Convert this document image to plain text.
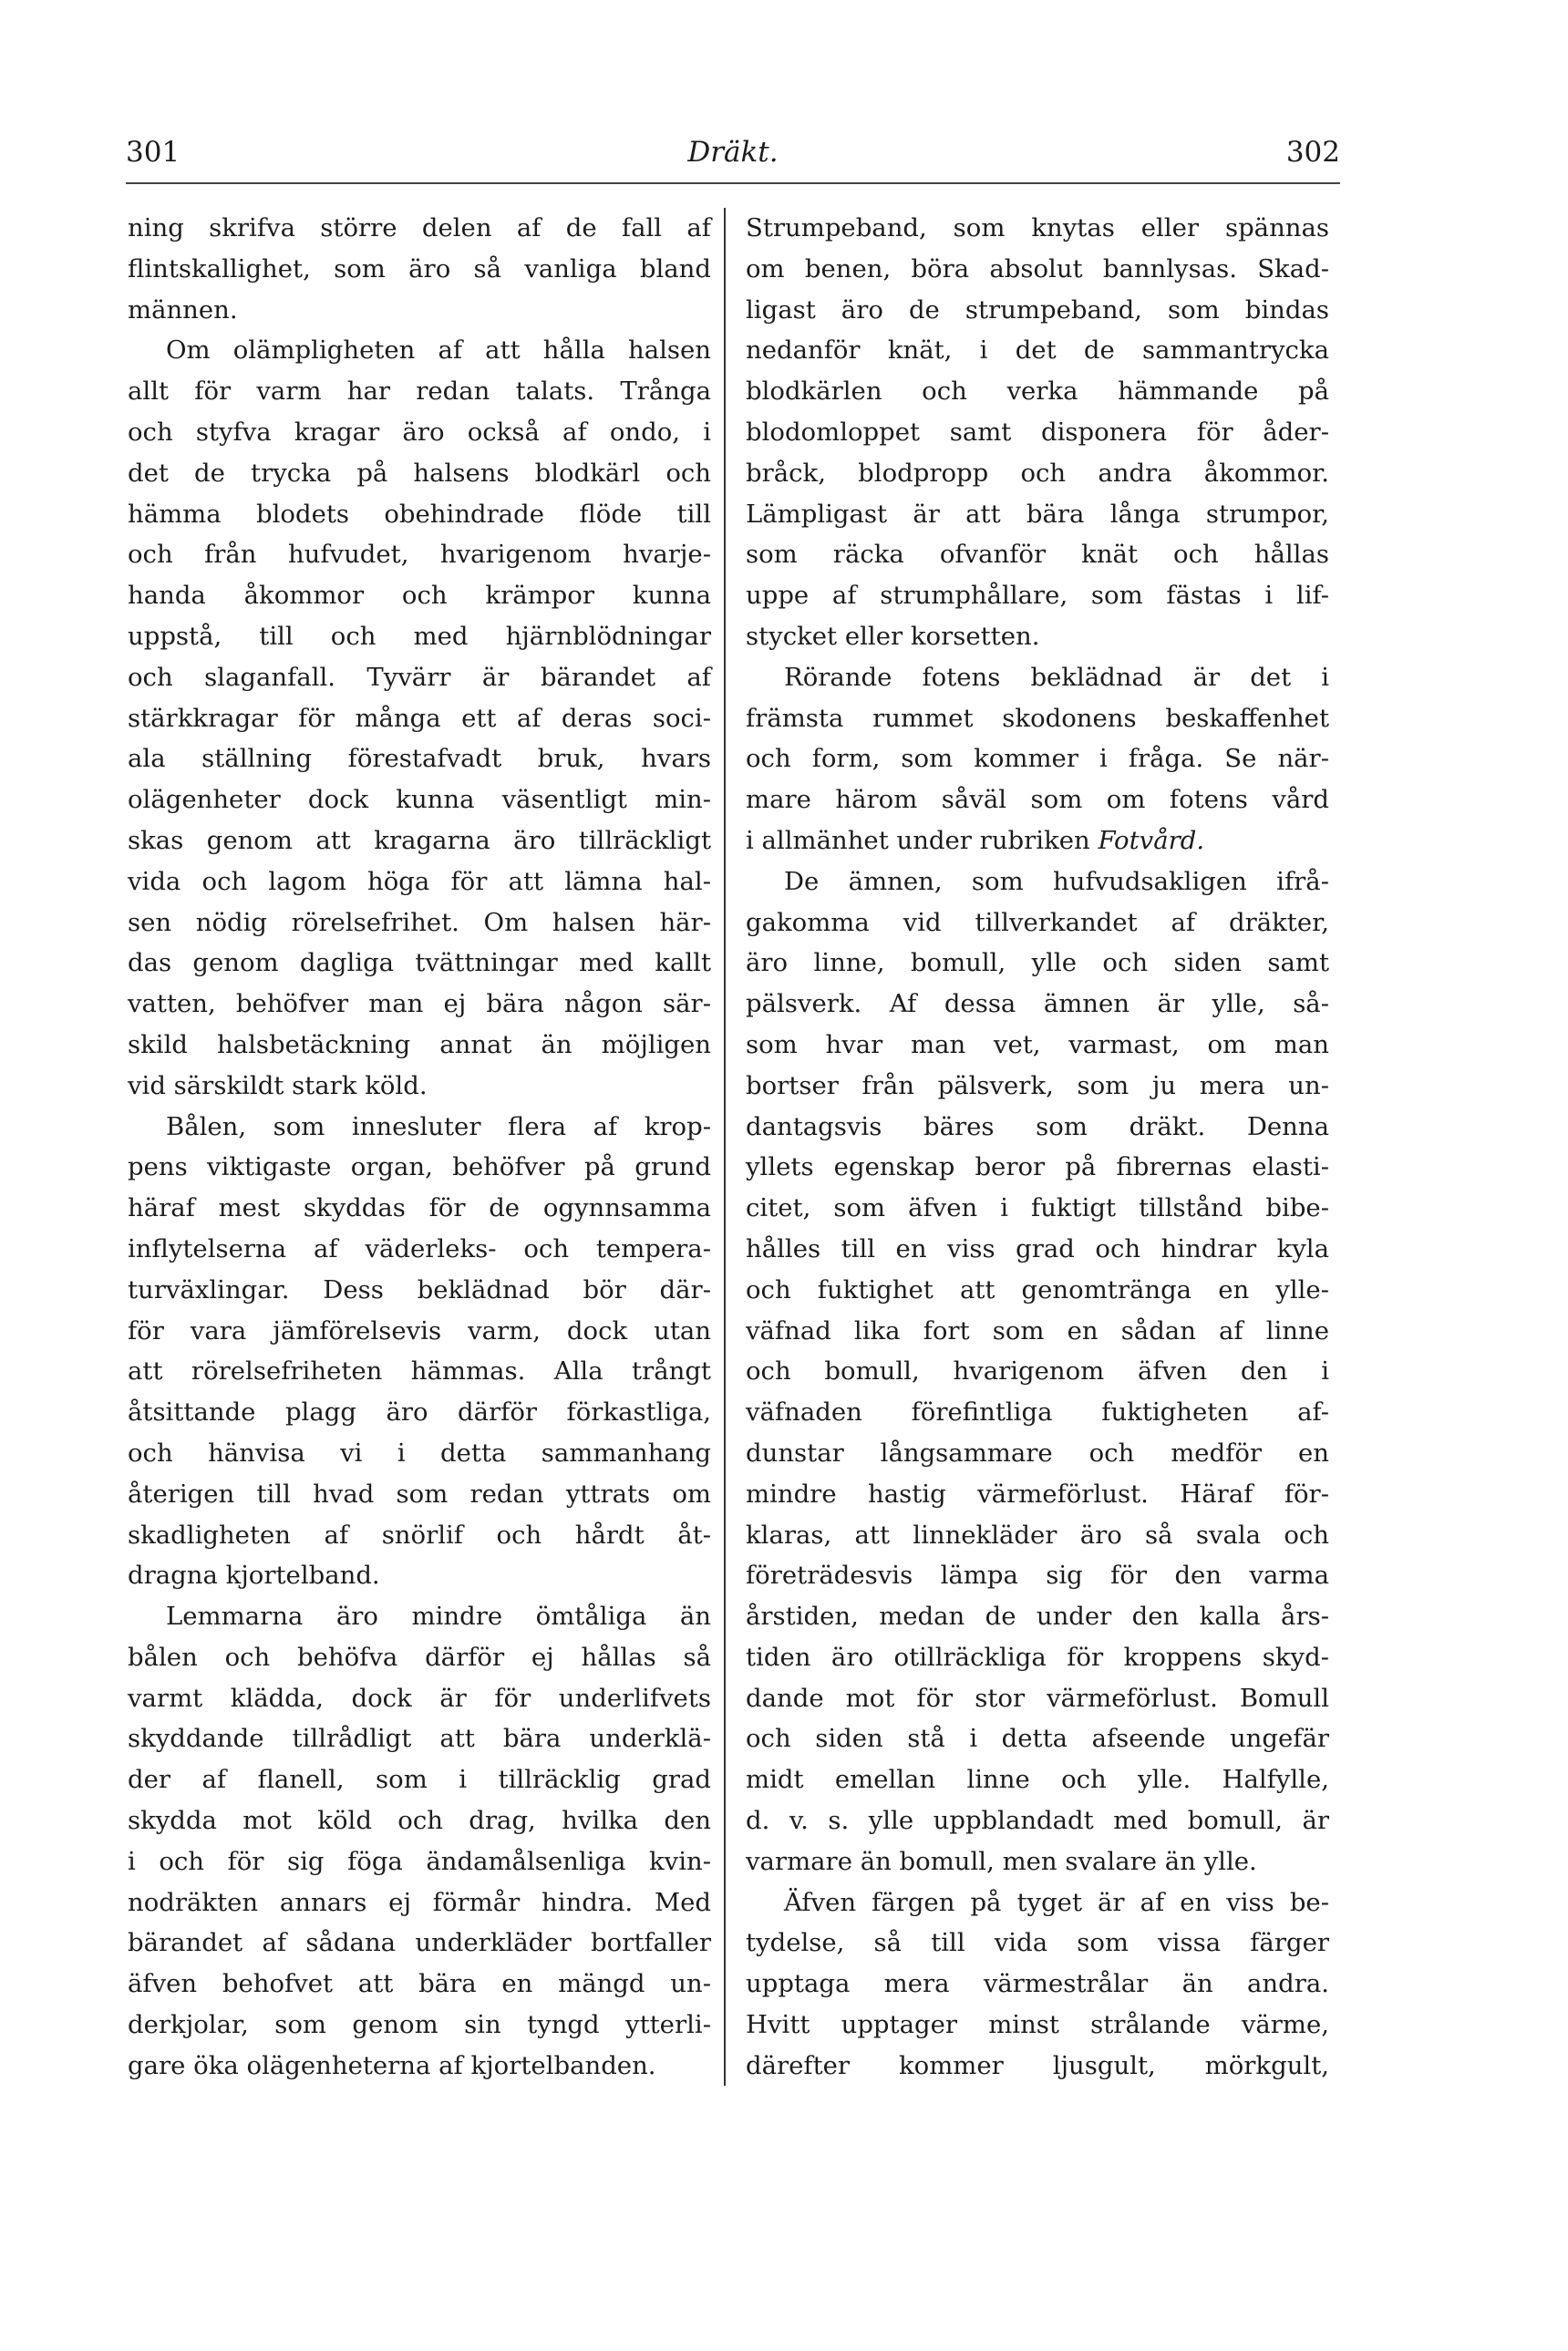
301	Dräkt.	302
ning skrifva större delen af de fall af
flintskallighet, som äro så vanliga bland
männen.
Om olämpligheten af att hålla halsen
allt för varm har redan talats. Trånga
och styfva kragar äro också af ondo, i
det de trycka på halsens blodkärl och
hämma blodets obehindrade flöde till
och från hufvudet, hvarigenom hvarje-
handa åkommor och krämpor kunna
uppstå, till och med hjärnblödningar
och slaganfall. Tyvärr är bärandet af
stärkkragar för många ett af deras soci-
ala ställning förestafvadt bruk, hvars
olägenheter dock kunna väsentligt min-
skas genom att kragarna äro tillräckligt
vida och lagom höga för att lämna hal-
sen nödig rörelsefrihet. Om halsen här-
das genom dagliga tvättningar med kallt
vatten, behöfver man ej bära någon sär-
skild halsbetäckning annat än möjligen
vid särskildt stark köld.
Bålen, som innesluter flera af krop-
pens viktigaste organ, behöfver på grund
häraf mest skyddas för de ogynnsamma
inflytelserna af väderleks- och tempera-
turväxlingar. Dess beklädnad bör där-
för vara jämförelsevis varm, dock utan
att rörelsefriheten hämmas. Alla trångt
åtsittande plagg äro därför förkastliga,
och hänvisa vi i detta sammanhang
återigen till hvad som redan yttrats om
skadligheten af snörlif och hårdt åt-
dragna kjortelband.
Lemmarna äro mindre ömtåliga än
bålen och behöfva därför ej hållas så
varmt klädda, dock är för underlifvets
skyddande tillrådligt att bära underklä-
der af flanell, som i tillräcklig grad
skydda mot köld och drag, hvilka den
i och för sig föga ändamålsenliga kvin-
nodräkten annars ej förmår hindra. Med
bärandet af sådana underkläder bortfaller
äfven behofvet att bära en mängd un-
derkjolar, som genom sin tyngd ytterli-
gare öka olägenheterna af kjortelbanden.
Strumpeband, som knytas eller spännas
om benen, böra absolut bannlysas. Skad-
ligast äro de strumpeband, som bindas
nedanför knät, i det de sammantrycka
blodkärlen och verka hämmande på
blodomloppet samt disponera för åder-
bråck, blodpropp och andra åkommor.
Lämpligast är att bära långa strumpor,
som räcka ofvanför knät och hållas
uppe af strumphållare, som fästas i lif-
stycket eller korsetten.
Rörande fotens beklädnad är det i
främsta rummet skodonens beskaffenhet
och form, som kommer i fråga. Se när-
mare härom såväl som om fotens vård
i allmänhet under rubriken Fotvård.
De ämnen, som hufvudsakligen ifrå-
gakomma vid tillverkandet af dräkter,
äro linne, bomull, ylle och siden samt
pälsverk. Af dessa ämnen är ylle, så-
som hvar man vet, varmast, om man
bortser från pälsverk, som ju mera un-
dantagsvis bäres som dräkt. Denna
yllets egenskap beror på fibrernas elasti-
citet, som äfven i fuktigt tillstånd bibe-
hålles till en viss grad och hindrar kyla
och fuktighet att genomtränga en ylle-
väfnad lika fort som en sådan af linne
och bomull, hvarigenom äfven den i
väfnaden förefintliga fuktigheten af-
dunstar långsammare och medför en
mindre hastig värmeförlust. Häraf för-
klaras, att linnekläder äro så svala och
företrädesvis lämpa sig för den varma
årstiden, medan de under den kalla års-
tiden äro otillräckliga för kroppens skyd-
dande mot för stor värmeförlust. Bomull
och siden stå i detta afseende ungefär
midt emellan linne och ylle. Halfylle,
d. v. s. ylle uppblandadt med bomull, är
varmare än bomull, men svalare än ylle.
Äfven färgen på tyget är af en viss be-
tydelse, så till vida som vissa färger
upptaga mera värmestrålar än andra.
Hvitt upptager minst strålande värme,
därefter kommer ljusgult, mörkgult,
